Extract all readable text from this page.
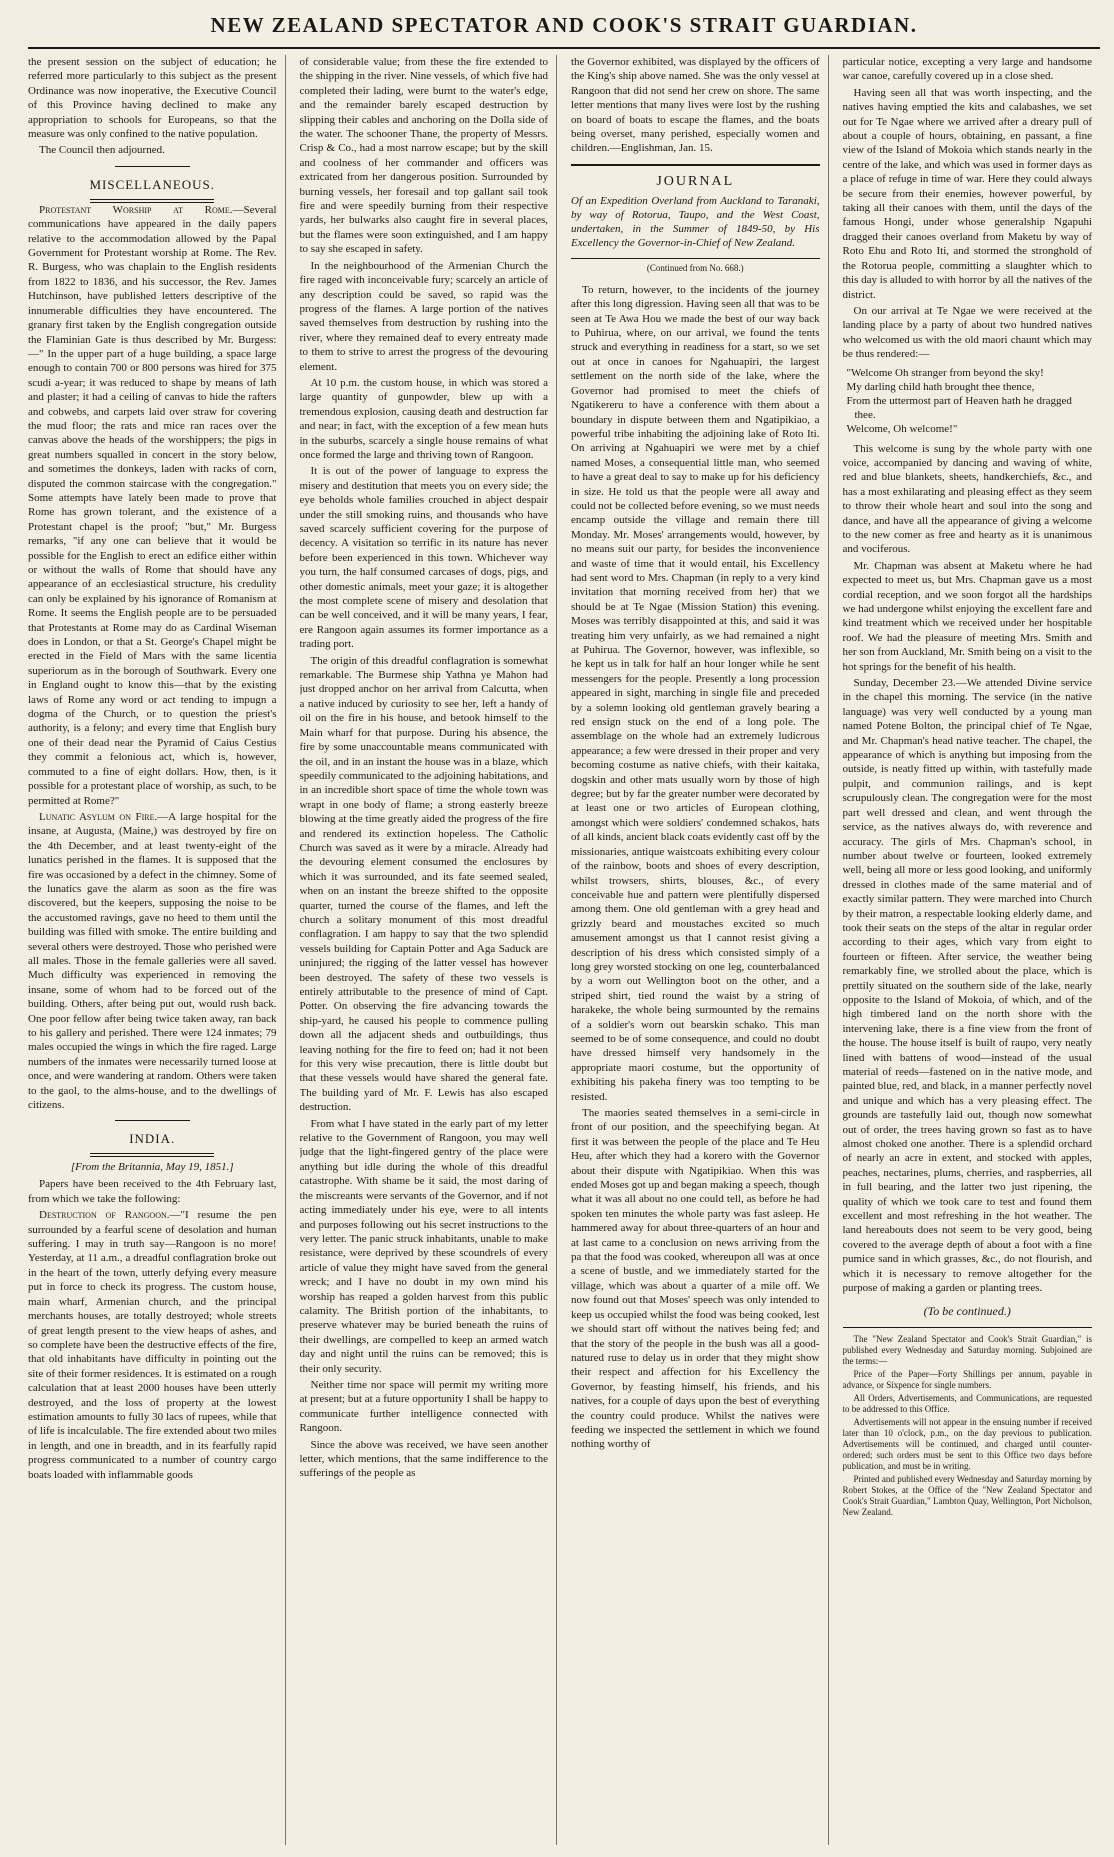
NEW ZEALAND SPECTATOR AND COOK'S STRAIT GUARDIAN.

the present session on the subject of education; he referred more particularly to this subject as the present Ordinance was now inoperative, the Executive Council of this Province having declined to make any appropriation to schools for Europeans, so that the measure was only confined to the native population.

The Council then adjourned.

MISCELLANEOUS.

Protestant Worship at Rome.—Several communications have appeared in the daily papers relative to the accommodation allowed by the Papal Government for Protestant worship at Rome. The Rev. R. Burgess, who was chaplain to the English residents from 1822 to 1836, and his successor, the Rev. James Hutchinson, have published letters descriptive of the innumerable difficulties they have encountered. The granary first taken by the English congregation outside the Flaminian Gate is thus described by Mr. Burgess:—" In the upper part of a huge building, a space large enough to contain 700 or 800 persons was hired for 375 scudi a-year; it was reduced to shape by means of lath and plaster; it had a ceiling of canvas to hide the rafters and cobwebs, and carpets laid over straw for covering the mud floor; the rats and mice ran races over the canvas above the heads of the worshippers; the pigs in great numbers squalled in concert in the story below, and sometimes the donkeys, laden with racks of corn, disputed the common staircase with the congregation." Some attempts have lately been made to prove that Rome has grown tolerant, and the existence of a Protestant chapel is the proof; "but," Mr. Burgess remarks, "if any one can believe that it would be possible for the English to erect an edifice either within or without the walls of Rome that should have any appearance of an ecclesiastical structure, his credulity can only be explained by his ignorance of Romanism at Rome. It seems the English people are to be persuaded that Protestants at Rome may do as Cardinal Wiseman does in London, or that a St. George's Chapel might be erected in the Field of Mars with the same licentia superiorum as in the borough of Southwark. Every one in England ought to know this—that by the existing laws of Rome any word or act tending to impugn a dogma of the Church, or to question the priest's authority, is a felony; and every time that English bury one of their dead near the Pyramid of Caius Cestius they commit a felonious act, which is, however, commuted to a fine of eight dollars. How, then, is it possible for a protestant place of worship, as such, to be permitted at Rome?"

Lunatic Asylum on Fire.—A large hospital for the insane, at Augusta, (Maine,) was destroyed by fire on the 4th December, and at least twenty-eight of the lunatics perished in the flames. It is supposed that the fire was occasioned by a defect in the chimney. Some of the lunatics gave the alarm as soon as the fire was discovered, but the keepers, supposing the noise to be the accustomed ravings, gave no heed to them until the building was filled with smoke. The entire building and several others were destroyed. Those who perished were all males. Those in the female galleries were all saved. Much difficulty was experienced in removing the insane, some of whom had to be forced out of the building. Others, after being put out, would rush back. One poor fellow after being twice taken away, ran back to his gallery and perished. There were 124 inmates; 79 males occupied the wings in which the fire raged. Large numbers of the inmates were necessarily turned loose at once, and were wandering at random. Others were taken to the gaol, to the alms-house, and to the dwellings of citizens.

INDIA.
[From the Britannia, May 19, 1851.]

Papers have been received to the 4th February last, from which we take the following:

Destruction of Rangoon.—"I resume the pen surrounded by a fearful scene of desolation and human suffering. I may in truth say—Rangoon is no more! Yesterday, at 11 a.m., a dreadful conflagration broke out in the heart of the town, utterly defying every measure put in force to check its progress. The custom house, main wharf, Armenian church, and the principal merchants houses, are totally destroyed; whole streets of great length present to the view heaps of ashes, and so complete have been the destructive effects of the fire, that old inhabitants have difficulty in pointing out the site of their former residences. It is estimated on a rough calculation that at least 2000 houses have been utterly destroyed, and the loss of property at the lowest estimation amounts to fully 30 lacs of rupees, while that of life is incalculable. The fire extended about two miles in length, and one in breadth, and in its fearfully rapid progress communicated to a number of country cargo boats loaded with inflammable goods

of considerable value; from these the fire extended to the shipping in the river. Nine vessels, of which five had completed their lading, were burnt to the water's edge, and the remainder barely escaped destruction by slipping their cables and anchoring on the Dolla side of the water. The schooner Thane, the property of Messrs. Crisp & Co., had a most narrow escape; but by the skill and coolness of her commander and officers was extricated from her dangerous position. Surrounded by burning vessels, her foresail and top gallant sail took fire and were speedily burning from their respective yards, her bulwarks also caught fire in several places, but the flames were soon extinguished, and I am happy to say she escaped in safety.

In the neighbourhood of the Armenian Church the fire raged with inconceivable fury; scarcely an article of any description could be saved, so rapid was the progress of the flames. A large portion of the natives saved themselves from destruction by rushing into the river, where they remained deaf to every entreaty made to them to strive to arrest the progress of the devouring element.

At 10 p.m. the custom house, in which was stored a large quantity of gunpowder, blew up with a tremendous explosion, causing death and destruction far and near; in fact, with the exception of a few mean huts in the suburbs, scarcely a single house remains of what once formed the large and thriving town of Rangoon.

It is out of the power of language to express the misery and destitution that meets you on every side; the eye beholds whole families crouched in abject despair under the still smoking ruins, and thousands who have saved scarcely sufficient covering for the purpose of decency. A visitation so terrific in its nature has never before been experienced in this town. Whichever way you turn, the half consumed carcases of dogs, pigs, and other domestic animals, meet your gaze; it is altogether the most complete scene of misery and desolation that can be well conceived, and it will be many years, I fear, ere Rangoon again assumes its former importance as a trading port.

The origin of this dreadful conflagration is somewhat remarkable. The Burmese ship Yathna ye Mahon had just dropped anchor on her arrival from Calcutta, when a native induced by curiosity to see her, left a handy of oil on the fire in his house, and betook himself to the Main wharf for that purpose. During his absence, the fire by some unaccountable means communicated with the oil, and in an instant the house was in a blaze, which speedily communicated to the adjoining habitations, and in an incredible short space of time the whole town was wrapt in one body of flame; a strong easterly breeze blowing at the time greatly aided the progress of the fire and rendered its extinction hopeless. The Catholic Church was saved as it were by a miracle. Already had the devouring element consumed the enclosures by which it was surrounded, and its fate seemed sealed, when on an instant the breeze shifted to the opposite quarter, turned the course of the flames, and left the church a solitary monument of this most dreadful conflagration. I am happy to say that the two splendid vessels building for Captain Potter and Aga Saduck are uninjured; the rigging of the latter vessel has however been destroyed. The safety of these two vessels is entirely attributable to the presence of mind of Capt. Potter. On observing the fire advancing towards the ship-yard, he caused his people to commence pulling down all the adjacent sheds and outbuildings, thus leaving nothing for the fire to feed on; had it not been for this very wise precaution, there is little doubt but that these vessels would have shared the general fate. The building yard of Mr. F. Lewis has also escaped destruction.

From what I have stated in the early part of my letter relative to the Government of Rangoon, you may well judge that the light-fingered gentry of the place were anything but idle during the whole of this dreadful catastrophe. With shame be it said, the most daring of the miscreants were servants of the Governor, and if not acting immediately under his eye, were to all intents and purposes following out his secret instructions to the very letter. The panic struck inhabitants, unable to make resistance, were deprived by these scoundrels of every article of value they might have saved from the general wreck; and I have no doubt in my own mind his worship has reaped a golden harvest from this public calamity. The British portion of the inhabitants, to preserve whatever may be buried beneath the ruins of their dwellings, are compelled to keep an armed watch day and night until the ruins can be removed; this is their only security.

Neither time nor space will permit my writing more at present; but at a future opportunity I shall be happy to communicate further intelligence connected with Rangoon.

Since the above was received, we have seen another letter, which mentions, that the same indifference to the sufferings of the people as

the Governor exhibited, was displayed by the officers of the King's ship above named. She was the only vessel at Rangoon that did not send her crew on shore. The same letter mentions that many lives were lost by the rushing on board of boats to escape the flames, and the boats being overset, many perished, especially women and children.—Englishman, Jan. 15.

JOURNAL
Of an Expedition Overland from Auckland to Taranaki, by way of Rotorua, Taupo, and the West Coast, undertaken, in the Summer of 1849-50, by His Excellency the Governor-in-Chief of New Zealand.
(Continued from No. 668.)

To return, however, to the incidents of the journey after this long digression. Having seen all that was to be seen at Te Awa Hou we made the best of our way back to Puhirua, where, on our arrival, we found the tents struck and everything in readiness for a start, so we set out at once in canoes for Ngahuapiri, the largest settlement on the north side of the lake, where the Governor had promised to meet the chiefs of Ngatikereru to have a conference with them about a boundary in dispute between them and Ngatipikiao, a powerful tribe inhabiting the adjoining lake of Roto Iti. On arriving at Ngahuapiri we were met by a chief named Moses, a consequential little man, who seemed to have a great deal to say to make up for his deficiency in size. He told us that the people were all away and could not be collected before evening, so we must needs encamp outside the village and remain there till Monday. Mr. Moses' arrangements would, however, by no means suit our party, for besides the inconvenience and waste of time that it would entail, his Excellency had sent word to Mrs. Chapman (in reply to a very kind invitation that morning received from her) that we should be at Te Ngae (Mission Station) this evening. Moses was terribly disappointed at this, and said it was treating him very unfairly, as we had remained a night at Puhirua. The Governor, however, was inflexible, so he kept us in talk for half an hour longer while he sent messengers for the people. Presently a long procession appeared in sight, marching in single file and preceded by a solemn looking old gentleman gravely bearing a red ensign stuck on the end of a long pole. The assemblage on the whole had an extremely ludicrous appearance; a few were dressed in their proper and very becoming costume as native chiefs, with their kaitaka, dogskin and other mats usually worn by those of high degree; but by far the greater number were decorated by at least one or two articles of European clothing, amongst which were soldiers' condemned schakos, hats of all kinds, ancient black coats evidently cast off by the missionaries, antique waistcoats exhibiting every colour of the rainbow, boots and shoes of every description, whilst trowsers, shirts, blouses, &c., of every conceivable hue and pattern were plentifully dispersed among them. One old gentleman with a grey head and grizzly beard and moustaches excited so much amusement amongst us that I cannot resist giving a description of his dress which consisted simply of a long grey worsted stocking on one leg, counterbalanced by a worn out Wellington boot on the other, and a striped shirt, tied round the waist by a string of harakeke, the whole being surmounted by the remains of a soldier's worn out bearskin schako. This man seemed to be of some consequence, and could no doubt have dressed himself very handsomely in the appropriate maori costume, but the opportunity of exhibiting his pakeha finery was too tempting to be resisted.

The maories seated themselves in a semi-circle in front of our position, and the speechifying began. At first it was between the people of the place and Te Heu Heu, after which they had a korero with the Governor about their dispute with Ngatipikiao. When this was ended Moses got up and began making a speech, though what it was all about no one could tell, as before he had spoken ten minutes the whole party was fast asleep. He hammered away for about three-quarters of an hour and at last came to a conclusion on news arriving from the pa that the food was cooked, whereupon all was at once a scene of bustle, and we immediately started for the village, which was about a quarter of a mile off. We now found out that Moses' speech was only intended to keep us occupied whilst the food was being cooked, lest we should start off without the natives being fed; and that the story of the people in the bush was all a good-natured ruse to delay us in order that they might show their respect and affection for his Excellency the Governor, by feasting himself, his friends, and his natives, for a couple of days upon the best of everything the country could produce. Whilst the natives were feeding we inspected the settlement in which we found nothing worthy of

particular notice, excepting a very large and handsome war canoe, carefully covered up in a close shed.

Having seen all that was worth inspecting, and the natives having emptied the kits and calabashes, we set out for Te Ngae where we arrived after a dreary pull of about a couple of hours, obtaining, en passant, a fine view of the Island of Mokoia which stands nearly in the centre of the lake, and which was used in former days as a place of refuge in time of war. Here they could always be secure from their enemies, however powerful, by taking all their canoes with them, until the days of the famous Hongi, under whose generalship Ngapuhi dragged their canoes overland from Maketu by way of Roto Ehu and Roto Iti, and stormed the stronghold of the Rotorua people, committing a slaughter which to this day is alluded to with horror by all the natives of the district.

On our arrival at Te Ngae we were received at the landing place by a party of about two hundred natives who welcomed us with the old maori chaunt which may be thus rendered:—

"Welcome Oh stranger from beyond the sky!
My darling child hath brought thee thence,
From the uttermost part of Heaven hath he dragged thee.
Welcome, Oh welcome!"

This welcome is sung by the whole party with one voice, accompanied by dancing and waving of white, red and blue blankets, sheets, handkerchiefs, &c., and has a most exhilarating and pleasing effect as they seem to throw their whole heart and soul into the song and dance, and have all the appearance of giving a welcome to the new comer as free and hearty as it is unanimous and vociferous.

Mr. Chapman was absent at Maketu where he had expected to meet us, but Mrs. Chapman gave us a most cordial reception, and we soon forgot all the hardships we had undergone whilst enjoying the excellent fare and kind treatment which we received under her hospitable roof. We had the pleasure of meeting Mrs. Smith and her son from Auckland, Mr. Smith being on a visit to the hot springs for the benefit of his health.

Sunday, December 23.—We attended Divine service in the chapel this morning. The service (in the native language) was very well conducted by a young man named Potene Bolton, the principal chief of Te Ngae, and Mr. Chapman's head native teacher. The chapel, the appearance of which is anything but imposing from the outside, is neatly fitted up within, with tastefully made pulpit, and communion railings, and is kept scrupulously clean. The congregation were for the most part well dressed and clean, and went through the service, as the natives always do, with reverence and accuracy. The girls of Mrs. Chapman's school, in number about twelve or fourteen, looked extremely well, being all more or less good looking, and uniformly dressed in clothes made of the same material and of exactly similar pattern. They were marched into Church by their matron, a respectable looking elderly dame, and took their seats on the steps of the altar in regular order according to their ages, which vary from eight to fourteen or fifteen. After service, the weather being remarkably fine, we strolled about the place, which is prettily situated on the southern side of the lake, nearly opposite to the Island of Mokoia, of which, and of the high timbered land on the north shore with the intervening lake, there is a fine view from the front of the house. The house itself is built of raupo, very neatly lined with battens of wood—instead of the usual material of reeds—fastened on in the native mode, and painted blue, red, and black, in a manner perfectly novel and unique and which has a very pleasing effect. The grounds are tastefully laid out, though now somewhat out of order, the trees having grown so fast as to have almost choked one another. There is a splendid orchard of nearly an acre in extent, and stocked with apples, peaches, nectarines, plums, cherries, and raspberries, all in full bearing, and the latter two just ripening, the quality of which we took care to test and found them excellent and most refreshing in the hot weather. The land hereabouts does not seem to be very good, being covered to the average depth of about a foot with a fine pumice sand in which grasses, &c., do not flourish, and which it is necessary to remove altogether for the purpose of making a garden or planting trees.

(To be continued.)

The "New Zealand Spectator and Cook's Strait Guardian," is published every Wednesday and Saturday morning. Subjoined are the terms:—

Price of the Paper—Forty Shillings per annum, payable in advance, or Sixpence for single numbers.

All Orders, Advertisements, and Communications, are requested to be addressed to this Office.

Advertisements will not appear in the ensuing number if received later than 10 o'clock, p.m., on the day previous to publication. Advertisements will be continued, and charged until counter-ordered; such orders must be sent to this Office two days before publication, and must be in writing.

Printed and published every Wednesday and Saturday morning by Robert Stokes, at the Office of the "New Zealand Spectator and Cook's Strait Guardian," Lambton Quay, Wellington, Port Nicholson, New Zealand.
